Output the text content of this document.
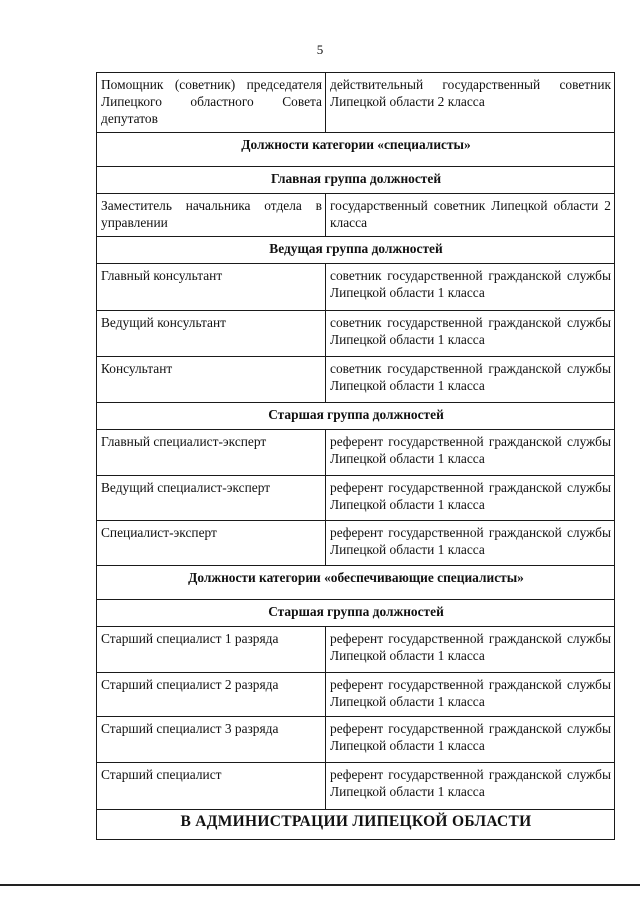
5
Помощник (советник) председателя Липецкого областного Совета депутатов	действительный государственный советник Липецкой области 2 класса
Должности категории «специалисты»	
Главная группа должностей	
Заместитель начальника отдела в управлении	государственный советник Липецкой области 2 класса
Ведущая группа должностей	
Главный консультант	советник государственной гражданской службы Липецкой области 1 класса
Ведущий консультант	советник государственной гражданской службы Липецкой области 1 класса
Консультант	советник государственной гражданской службы Липецкой области 1 класса
Старшая группа должностей	
Главный специалист-эксперт	референт государственной гражданской службы Липецкой области 1 класса
Ведущий специалист-эксперт	референт государственной гражданской службы Липецкой области 1 класса
Специалист-эксперт	референт государственной гражданской службы Липецкой области 1 класса
Должности категории «обеспечивающие специалисты»	
Старшая группа должностей	
Старший специалист 1 разряда	референт государственной гражданской службы Липецкой области 1 класса
Старший специалист 2 разряда	референт государственной гражданской службы Липецкой области 1 класса
Старший специалист 3 разряда	референт государственной гражданской службы Липецкой области 1 класса
Старший специалист	референт государственной гражданской службы Липецкой области 1 класса
В АДМИНИСТРАЦИИ ЛИПЕЦКОЙ ОБЛАСТИ	
